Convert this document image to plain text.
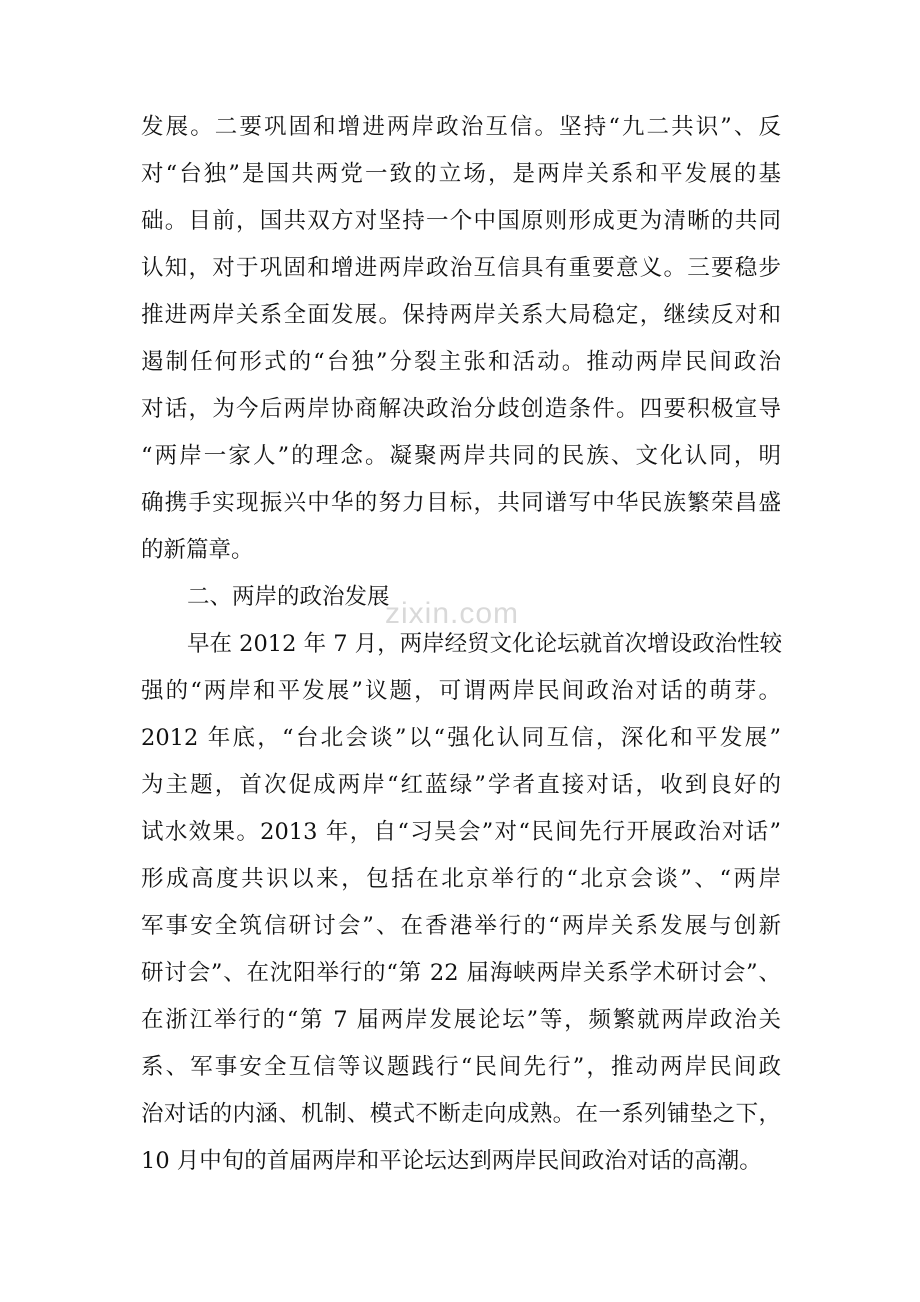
发展。二要巩固和增进两岸政治互信。坚持“九二共识”、反
对“台独”是国共两党一致的立场，是两岸关系和平发展的基
础。目前，国共双方对坚持一个中国原则形成更为清晰的共同
认知，对于巩固和增进两岸政治互信具有重要意义。三要稳步
推进两岸关系全面发展。保持两岸关系大局稳定，继续反对和
遏制任何形式的“台独”分裂主张和活动。推动两岸民间政治
对话，为今后两岸协商解决政治分歧创造条件。四要积极宣导
“两岸一家人”的理念。凝聚两岸共同的民族、文化认同，明
确携手实现振兴中华的努力目标，共同谱写中华民族繁荣昌盛
的新篇章。
二、两岸的政治发展
早在 2012 年 7 月，两岸经贸文化论坛就首次增设政治性较
强的“两岸和平发展”议题，可谓两岸民间政治对话的萌芽。
2012 年底，“台北会谈”以“强化认同互信，深化和平发展”
为主题，首次促成两岸“红蓝绿”学者直接对话，收到良好的
试水效果。2013 年，自“习吴会”对“民间先行开展政治对话”
形成高度共识以来，包括在北京举行的“北京会谈”、“两岸
军事安全筑信研讨会”、在香港举行的“两岸关系发展与创新
研讨会”、在沈阳举行的“第 22 届海峡两岸关系学术研讨会”、
在浙江举行的“第 7 届两岸发展论坛”等，频繁就两岸政治关
系、军事安全互信等议题践行“民间先行”，推动两岸民间政
治对话的内涵、机制、模式不断走向成熟。在一系列铺垫之下，
10 月中旬的首届两岸和平论坛达到两岸民间政治对话的高潮。
zixin.com
